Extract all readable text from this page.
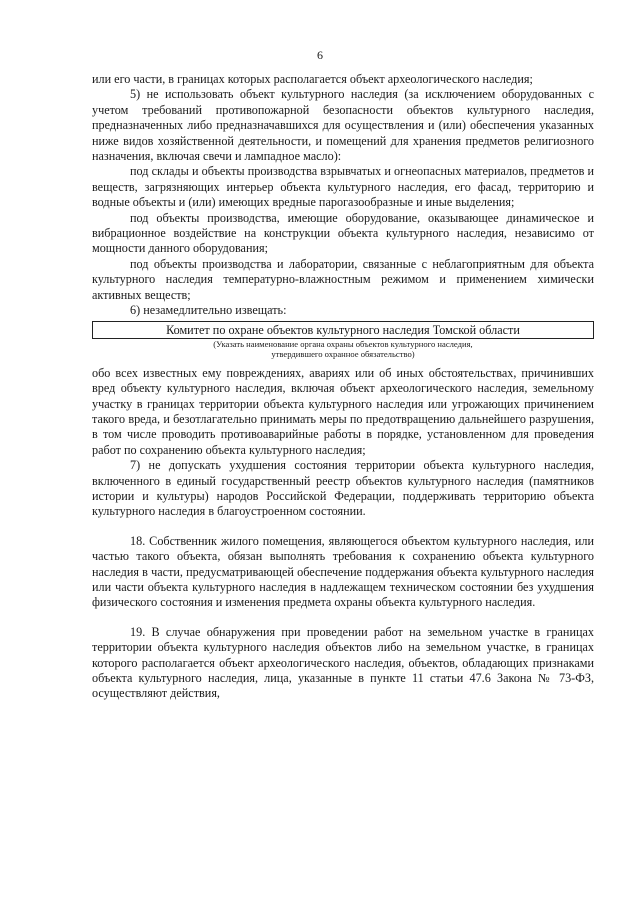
6

или его части, в границах которых располагается объект археологического наследия;

5) не использовать объект культурного наследия (за исключением оборудованных с учетом требований противопожарной безопасности объектов культурного наследия, предназначенных либо предназначавшихся для осуществления и (или) обеспечения указанных ниже видов хозяйственной деятельности, и помещений для хранения предметов религиозного назначения, включая свечи и лампадное масло):

под склады и объекты производства взрывчатых и огнеопасных материалов, предметов и веществ, загрязняющих интерьер объекта культурного наследия, его фасад, территорию и водные объекты и (или) имеющих вредные парогазообразные и иные выделения;

под объекты производства, имеющие оборудование, оказывающее динамическое и вибрационное воздействие на конструкции объекта культурного наследия, независимо от мощности данного оборудования;

под объекты производства и лаборатории, связанные с неблагоприятным для объекта культурного наследия температурно-влажностным режимом и применением химически активных веществ;

6) незамедлительно извещать:

Комитет по охране объектов культурного наследия Томской области

(Указать наименование органа охраны объектов культурного наследия,
утвердившего охранное обязательство)

обо всех известных ему повреждениях, авариях или об иных обстоятельствах, причинивших вред объекту культурного наследия, включая объект археологического наследия, земельному участку в границах территории объекта культурного наследия или угрожающих причинением такого вреда, и безотлагательно принимать меры по предотвращению дальнейшего разрушения, в том числе проводить противоаварийные работы в порядке, установленном для проведения работ по сохранению объекта культурного наследия;

7) не допускать ухудшения состояния территории объекта культурного наследия, включенного в единый государственный реестр объектов культурного наследия (памятников истории и культуры) народов Российской Федерации, поддерживать территорию объекта культурного наследия в благоустроенном состоянии.

18. Собственник жилого помещения, являющегося объектом культурного наследия, или частью такого объекта, обязан выполнять требования к сохранению объекта культурного наследия в части, предусматривающей обеспечение поддержания объекта культурного наследия или части объекта культурного наследия в надлежащем техническом состоянии без ухудшения физического состояния и изменения предмета охраны объекта культурного наследия.

19. В случае обнаружения при проведении работ на земельном участке в границах территории объекта культурного наследия объектов либо на земельном участке, в границах которого располагается объект археологического наследия, объектов, обладающих признаками объекта культурного наследия, лица, указанные в пункте 11 статьи 47.6 Закона № 73-ФЗ, осуществляют действия,
